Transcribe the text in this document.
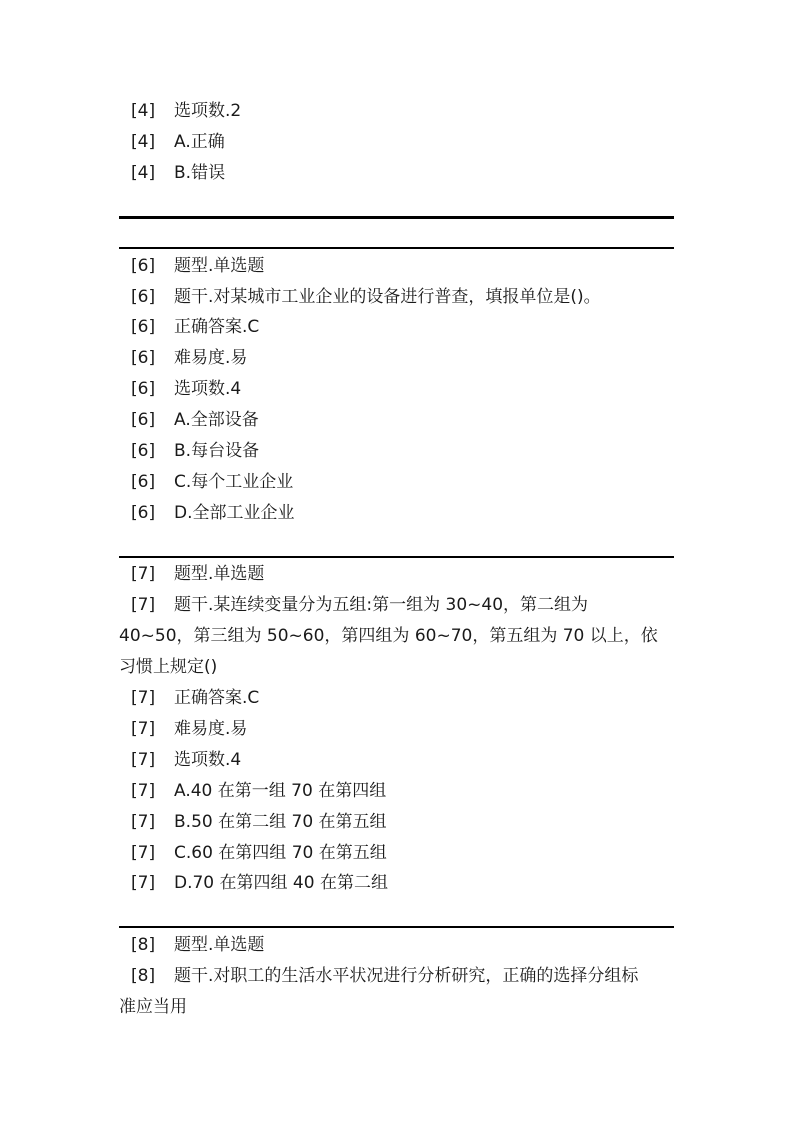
[4] 选项数.2
[4] A.正确
[4] B.错误
[6] 题型.单选题
[6] 题干.对某城市工业企业的设备进行普查，填报单位是()。
[6] 正确答案.C
[6] 难易度.易
[6] 选项数.4
[6] A.全部设备
[6] B.每台设备
[6] C.每个工业企业
[6] D.全部工业企业
[7] 题型.单选题
[7] 题干.某连续变量分为五组:第一组为 30~40，第二组为
40~50，第三组为 50~60，第四组为 60~70，第五组为 70 以上，依
习惯上规定()
[7] 正确答案.C
[7] 难易度.易
[7] 选项数.4
[7] A.40 在第一组 70 在第四组
[7] B.50 在第二组 70 在第五组
[7] C.60 在第四组 70 在第五组
[7] D.70 在第四组 40 在第二组
[8] 题型.单选题
[8] 题干.对职工的生活水平状况进行分析研究，正确的选择分组标
准应当用
